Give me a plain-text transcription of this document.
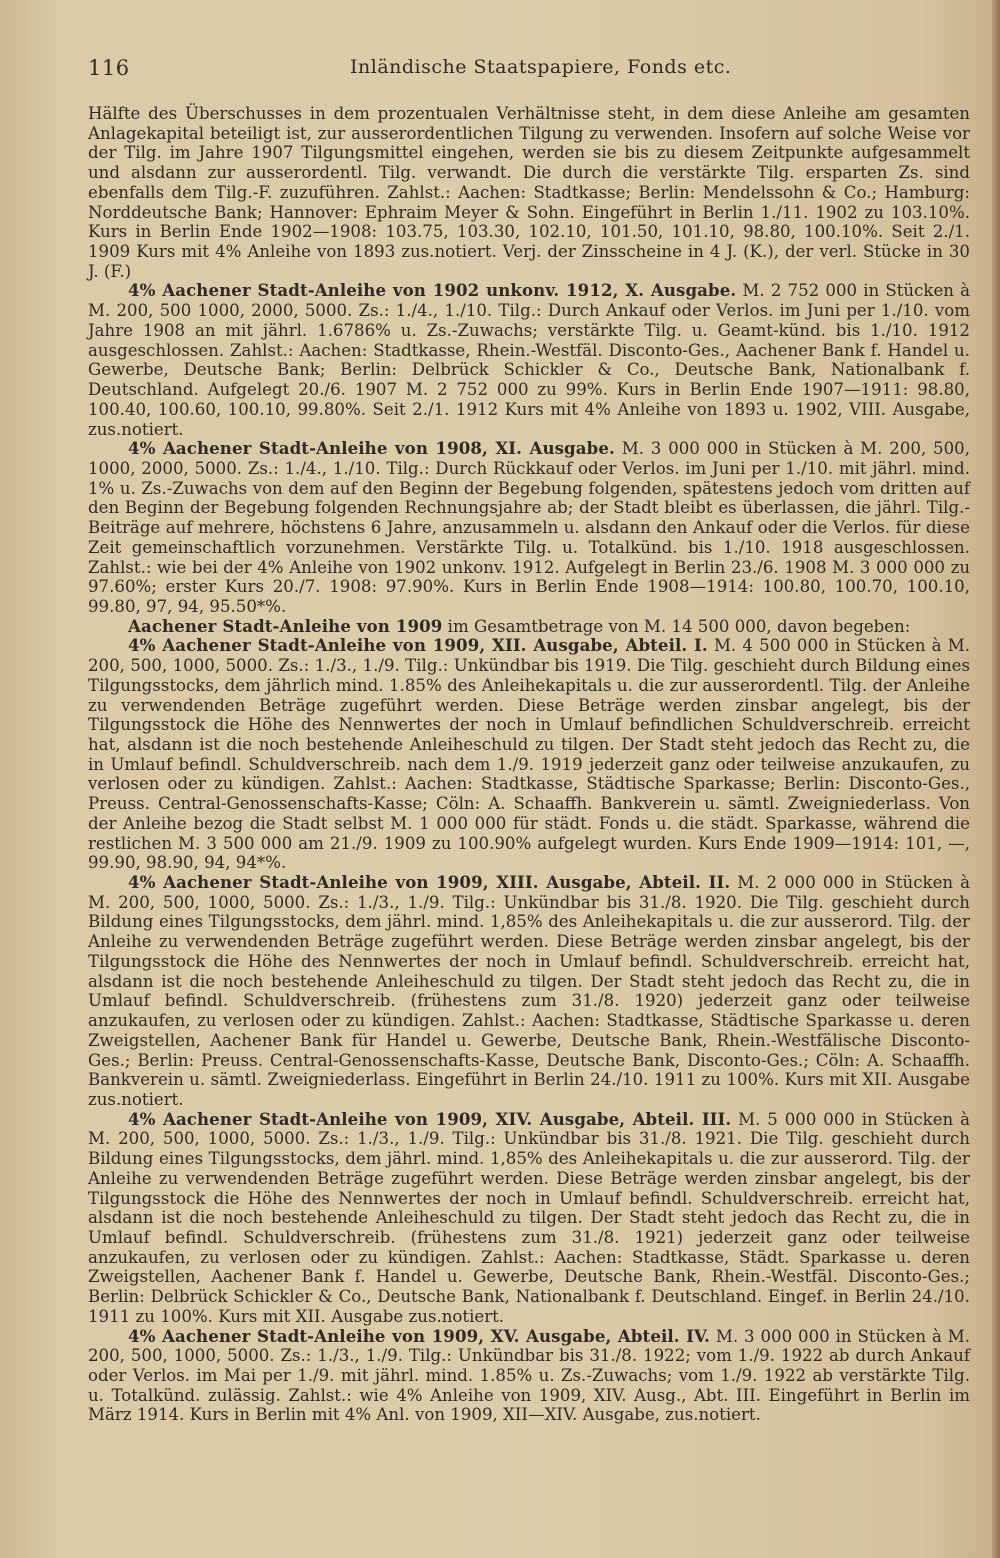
116	Inländische Staatspapiere, Fonds etc.

Hälfte des Überschusses in dem prozentualen Verhältnisse steht, in dem diese Anleihe am gesamten Anlagekapital beteiligt ist, zur ausserordentlichen Tilgung zu verwenden. Insofern auf solche Weise vor der Tilg. im Jahre 1907 Tilgungsmittel eingehen, werden sie bis zu diesem Zeitpunkte aufgesammelt und alsdann zur ausserordentl. Tilg. verwandt. Die durch die verstärkte Tilg. ersparten Zs. sind ebenfalls dem Tilg.-F. zuzuführen. Zahlst.: Aachen: Stadtkasse; Berlin: Mendelssohn & Co.; Hamburg: Norddeutsche Bank; Hannover: Ephraim Meyer & Sohn. Eingeführt in Berlin 1./11. 1902 zu 103.10%. Kurs in Berlin Ende 1902—1908: 103.75, 103.30, 102.10, 101.50, 101.10, 98.80, 100.10%. Seit 2./1. 1909 Kurs mit 4% Anleihe von 1893 zus.notiert. Verj. der Zinsscheine in 4 J. (K.), der verl. Stücke in 30 J. (F.)

4% Aachener Stadt-Anleihe von 1902 unkonv. 1912, X. Ausgabe. M. 2 752 000 in Stücken à M. 200, 500 1000, 2000, 5000. Zs.: 1./4., 1./10. Tilg.: Durch Ankauf oder Verlos. im Juni per 1./10. vom Jahre 1908 an mit jährl. 1.6786% u. Zs.-Zuwachs; verstärkte Tilg. u. Geamt-künd. bis 1./10. 1912 ausgeschlossen. Zahlst.: Aachen: Stadtkasse, Rhein.-Westfäl. Disconto-Ges., Aachener Bank f. Handel u. Gewerbe, Deutsche Bank; Berlin: Delbrück Schickler & Co., Deutsche Bank, Nationalbank f. Deutschland. Aufgelegt 20./6. 1907 M. 2 752 000 zu 99%. Kurs in Berlin Ende 1907—1911: 98.80, 100.40, 100.60, 100.10, 99.80%. Seit 2./1. 1912 Kurs mit 4% Anleihe von 1893 u. 1902, VIII. Ausgabe, zus.notiert.

4% Aachener Stadt-Anleihe von 1908, XI. Ausgabe. M. 3 000 000 in Stücken à M. 200, 500, 1000, 2000, 5000. Zs.: 1./4., 1./10. Tilg.: Durch Rückkauf oder Verlos. im Juni per 1./10. mit jährl. mind. 1% u. Zs.-Zuwachs von dem auf den Beginn der Begebung folgenden, spätestens jedoch vom dritten auf den Beginn der Begebung folgenden Rechnungsjahre ab; der Stadt bleibt es überlassen, die jährl. Tilg.-Beiträge auf mehrere, höchstens 6 Jahre, anzusammeln u. alsdann den Ankauf oder die Verlos. für diese Zeit gemeinschaftlich vorzunehmen. Verstärkte Tilg. u. Totalkünd. bis 1./10. 1918 ausgeschlossen. Zahlst.: wie bei der 4% Anleihe von 1902 unkonv. 1912. Aufgelegt in Berlin 23./6. 1908 M. 3 000 000 zu 97.60%; erster Kurs 20./7. 1908: 97.90%. Kurs in Berlin Ende 1908—1914: 100.80, 100.70, 100.10, 99.80, 97, 94, 95.50*%.

Aachener Stadt-Anleihe von 1909 im Gesamtbetrage von M. 14 500 000, davon begeben:

4% Aachener Stadt-Anleihe von 1909, XII. Ausgabe, Abteil. I. M. 4 500 000 in Stücken à M. 200, 500, 1000, 5000. Zs.: 1./3., 1./9. Tilg.: Unkündbar bis 1919. Die Tilg. geschieht durch Bildung eines Tilgungsstocks, dem jährlich mind. 1.85% des Anleihekapitals u. die zur ausserordentl. Tilg. der Anleihe zu verwendenden Beträge zugeführt werden. Diese Beträge werden zinsbar angelegt, bis der Tilgungsstock die Höhe des Nennwertes der noch in Umlauf befindlichen Schuldverschreib. erreicht hat, alsdann ist die noch bestehende Anleiheschuld zu tilgen. Der Stadt steht jedoch das Recht zu, die in Umlauf befindl. Schuldverschreib. nach dem 1./9. 1919 jederzeit ganz oder teilweise anzukaufen, zu verlosen oder zu kündigen. Zahlst.: Aachen: Stadtkasse, Städtische Sparkasse; Berlin: Disconto-Ges., Preuss. Central-Genossenschafts-Kasse; Cöln: A. Schaaffh. Bankverein u. sämtl. Zweigniederlass. Von der Anleihe bezog die Stadt selbst M. 1 000 000 für städt. Fonds u. die städt. Sparkasse, während die restlichen M. 3 500 000 am 21./9. 1909 zu 100.90% aufgelegt wurden. Kurs Ende 1909—1914: 101, —, 99.90, 98.90, 94, 94*%.

4% Aachener Stadt-Anleihe von 1909, XIII. Ausgabe, Abteil. II. M. 2 000 000 in Stücken à M. 200, 500, 1000, 5000. Zs.: 1./3., 1./9. Tilg.: Unkündbar bis 31./8. 1920. Die Tilg. geschieht durch Bildung eines Tilgungsstocks, dem jährl. mind. 1,85% des Anleihekapitals u. die zur ausserord. Tilg. der Anleihe zu verwendenden Beträge zugeführt werden. Diese Beträge werden zinsbar angelegt, bis der Tilgungsstock die Höhe des Nennwertes der noch in Umlauf befindl. Schuldverschreib. erreicht hat, alsdann ist die noch bestehende Anleiheschuld zu tilgen. Der Stadt steht jedoch das Recht zu, die in Umlauf befindl. Schuldverschreib. (frühestens zum 31./8. 1920) jederzeit ganz oder teilweise anzukaufen, zu verlosen oder zu kündigen. Zahlst.: Aachen: Stadtkasse, Städtische Sparkasse u. deren Zweigstellen, Aachener Bank für Handel u. Gewerbe, Deutsche Bank, Rhein.-Westfälische Disconto-Ges.; Berlin: Preuss. Central-Genossenschafts-Kasse, Deutsche Bank, Disconto-Ges.; Cöln: A. Schaaffh. Bankverein u. sämtl. Zweigniederlass. Eingeführt in Berlin 24./10. 1911 zu 100%. Kurs mit XII. Ausgabe zus.notiert.

4% Aachener Stadt-Anleihe von 1909, XIV. Ausgabe, Abteil. III. M. 5 000 000 in Stücken à M. 200, 500, 1000, 5000. Zs.: 1./3., 1./9. Tilg.: Unkündbar bis 31./8. 1921. Die Tilg. geschieht durch Bildung eines Tilgungsstocks, dem jährl. mind. 1,85% des Anleihekapitals u. die zur ausserord. Tilg. der Anleihe zu verwendenden Beträge zugeführt werden. Diese Beträge werden zinsbar angelegt, bis der Tilgungsstock die Höhe des Nennwertes der noch in Umlauf befindl. Schuldverschreib. erreicht hat, alsdann ist die noch bestehende Anleiheschuld zu tilgen. Der Stadt steht jedoch das Recht zu, die in Umlauf befindl. Schuldverschreib. (frühestens zum 31./8. 1921) jederzeit ganz oder teilweise anzukaufen, zu verlosen oder zu kündigen. Zahlst.: Aachen: Stadtkasse, Städt. Sparkasse u. deren Zweigstellen, Aachener Bank f. Handel u. Gewerbe, Deutsche Bank, Rhein.-Westfäl. Disconto-Ges.; Berlin: Delbrück Schickler & Co., Deutsche Bank, Nationalbank f. Deutschland. Eingef. in Berlin 24./10. 1911 zu 100%. Kurs mit XII. Ausgabe zus.notiert.

4% Aachener Stadt-Anleihe von 1909, XV. Ausgabe, Abteil. IV. M. 3 000 000 in Stücken à M. 200, 500, 1000, 5000. Zs.: 1./3., 1./9. Tilg.: Unkündbar bis 31./8. 1922; vom 1./9. 1922 ab durch Ankauf oder Verlos. im Mai per 1./9. mit jährl. mind. 1.85% u. Zs.-Zuwachs; vom 1./9. 1922 ab verstärkte Tilg. u. Totalkünd. zulässig. Zahlst.: wie 4% Anleihe von 1909, XIV. Ausg., Abt. III. Eingeführt in Berlin im März 1914. Kurs in Berlin mit 4% Anl. von 1909, XII—XIV. Ausgabe, zus.notiert.
